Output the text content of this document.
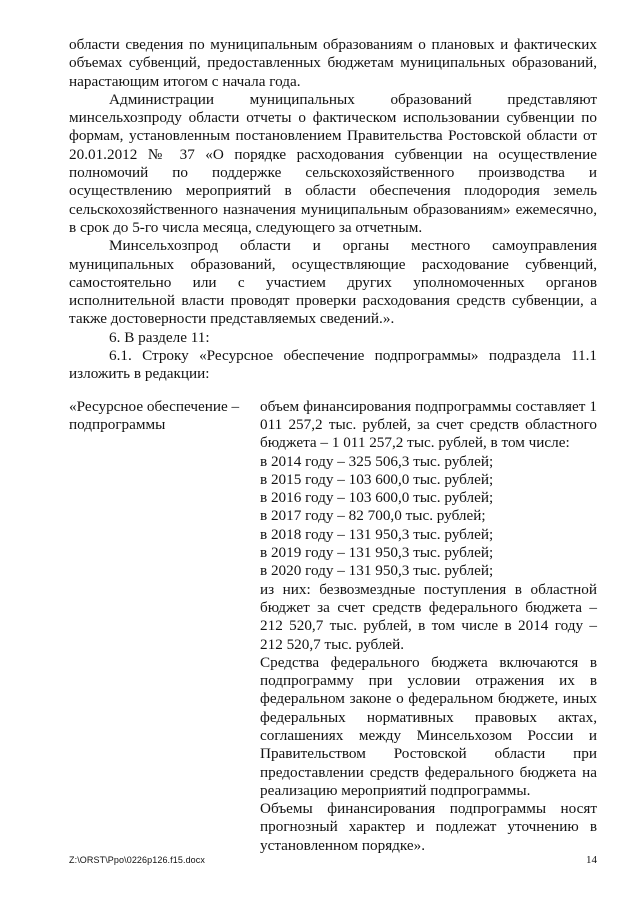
области сведения по муниципальным образованиям о плановых и фактических объемах субвенций, предоставленных бюджетам муниципальных образований, нарастающим итогом с начала года.

Администрации муниципальных образований представляют минсельхозпроду области отчеты о фактическом использовании субвенции по формам, установленным постановлением Правительства Ростовской области от 20.01.2012 № 37 «О порядке расходования субвенции на осуществление полномочий по поддержке сельскохозяйственного производства и осуществлению мероприятий в области обеспечения плодородия земель сельскохозяйственного назначения муниципальным образованиям» ежемесячно, в срок до 5-го числа месяца, следующего за отчетным.

Минсельхозпрод области и органы местного самоуправления муниципальных образований, осуществляющие расходование субвенций, самостоятельно или с участием других уполномоченных органов исполнительной власти проводят проверки расходования средств субвенции, а также достоверности представляемых сведений.».

6. В разделе 11:

6.1. Строку «Ресурсное обеспечение подпрограммы» подраздела 11.1 изложить в редакции:

«Ресурсное обеспечение – подпрограммы

объем финансирования подпрограммы составляет 1 011 257,2 тыс. рублей, за счет средств областного бюджета – 1 011 257,2 тыс. рублей, в том числе:

в 2014 году – 325 506,3 тыс. рублей;

в 2015 году – 103 600,0 тыс. рублей;

в 2016 году – 103 600,0 тыс. рублей;

в 2017 году – 82 700,0 тыс. рублей;

в 2018 году – 131 950,3 тыс. рублей;

в 2019 году – 131 950,3 тыс. рублей;

в 2020 году – 131 950,3 тыс. рублей;

из них: безвозмездные поступления в областной бюджет за счет средств федерального бюджета – 212 520,7 тыс. рублей, в том числе в 2014 году – 212 520,7 тыс. рублей.

Средства федерального бюджета включаются в подпрограмму при условии отражения их в федеральном законе о федеральном бюджете, иных федеральных нормативных правовых актах, соглашениях между Минсельхозом России и Правительством Ростовской области при предоставлении средств федерального бюджета на реализацию мероприятий подпрограммы.

Объемы финансирования подпрограммы носят прогнозный характер и подлежат уточнению в установленном порядке».

Z:\ORST\Ppo\0226p126.f15.docx	14
